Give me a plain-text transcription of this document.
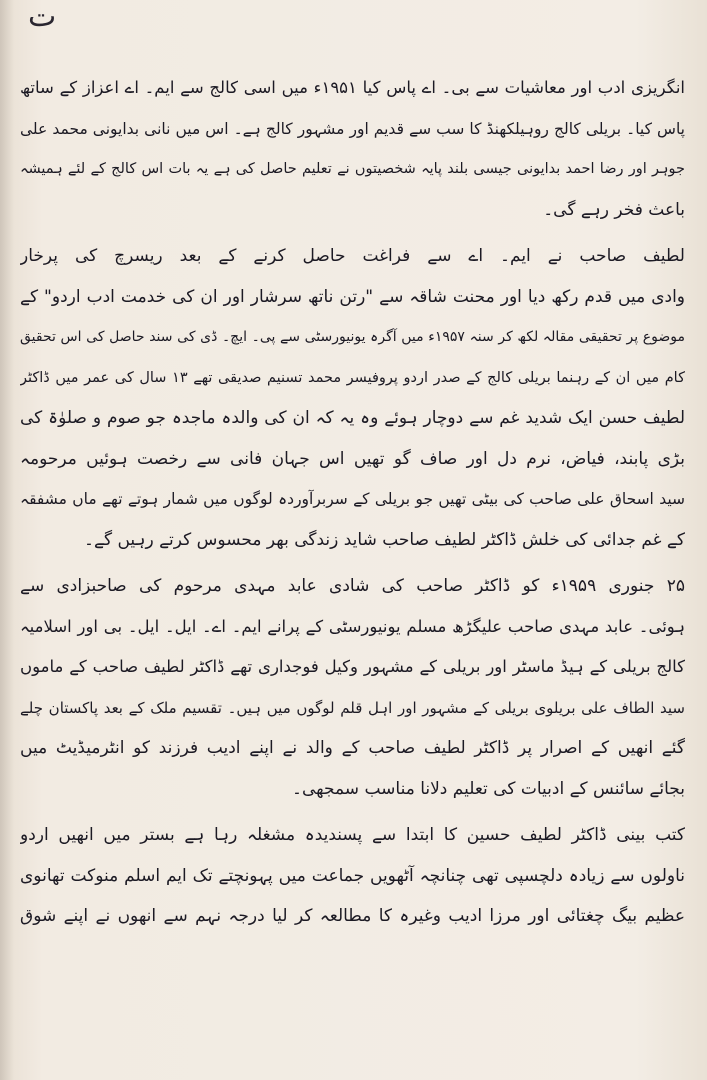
ت
انگریزی ادب اور معاشیات سے بی۔ اے پاس کیا ۱۹۵۱ء میں اسی کالج سے ایم۔ اے اعزاز کے ساتھ
پاس کیا۔ بریلی کالج روہیلکھنڈ کا سب سے قدیم اور مشہور کالج ہے۔ اس میں نانی بدایونی محمد علی
جوہر اور رضا احمد بدایونی جیسی بلند پایہ شخصیتوں نے تعلیم حاصل کی ہے یہ بات اس کالج کے لئے ہمیشہ
باعث فخر رہے گی۔
لطیف صاحب نے ایم۔ اے سے فراغت حاصل کرنے کے بعد ریسرچ کی پرخار
وادی میں قدم رکھ دیا اور محنت شاقہ سے "رتن ناتھ سرشار اور ان کی خدمت ادب اردو" کے
موضوع پر تحقیقی مقالہ لکھ کر سنہ ۱۹۵۷ء میں آگرہ یونیورسٹی سے پی۔ ایچ۔ ڈی کی سند حاصل کی اس تحقیق
کام میں ان کے رہنما بریلی کالج کے صدر اردو پروفیسر محمد تسنیم صدیقی تھے ۱۳ سال کی عمر میں ڈاکٹر
لطیف حسن ایک شدید غم سے دوچار ہوئے وہ یہ کہ ان کی والدہ ماجدہ جو صوم و صلوٰۃ کی
بڑی پابند، فیاض، نرم دل اور صاف گو تھیں اس جہان فانی سے رخصت ہوئیں مرحومہ
سید اسحاق علی صاحب کی بیٹی تھیں جو بریلی کے سربرآوردہ لوگوں میں شمار ہوتے تھے ماں مشفقہ
کے غم جدائی کی خلش ڈاکٹر لطیف صاحب شاید زندگی بھر محسوس کرتے رہیں گے۔
۲۵ جنوری ۱۹۵۹ء کو ڈاکٹر صاحب کی شادی عابد مہدی مرحوم کی صاحبزادی سے
ہوئی۔ عابد مہدی صاحب علیگڑھ مسلم یونیورسٹی کے پرانے ایم۔ اے۔ ایل۔ ایل۔ بی اور اسلامیہ
کالج بریلی کے ہیڈ ماسٹر اور بریلی کے مشہور وکیل فوجداری تھے ڈاکٹر لطیف صاحب کے ماموں
سید الطاف علی بریلوی بریلی کے مشہور اور اہل قلم لوگوں میں ہیں۔ تقسیم ملک کے بعد پاکستان چلے
گئے انھیں کے اصرار پر ڈاکٹر لطیف صاحب کے والد نے اپنے ادیب فرزند کو انٹرمیڈیٹ میں
بجائے سائنس کے ادبیات کی تعلیم دلانا مناسب سمجھی۔
کتب بینی ڈاکٹر لطیف حسین کا ابتدا سے پسندیدہ مشغلہ رہا ہے بستر میں انھیں اردو
ناولوں سے زیادہ دلچسپی تھی چنانچہ آٹھویں جماعت میں پہونچتے تک ایم اسلم منوکت تھانوی
عظیم بیگ چغتائی اور مرزا ادیب وغیرہ کا مطالعہ کر لیا درجہ نہم سے انھوں نے اپنے شوق
